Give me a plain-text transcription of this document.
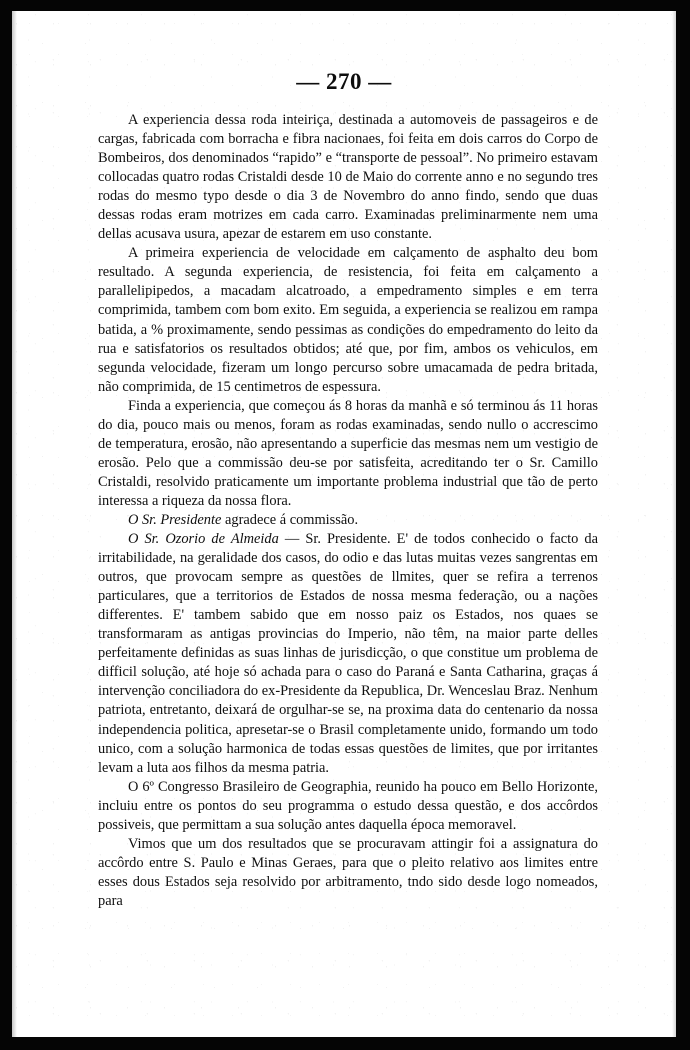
— 270 —

A experiencia dessa roda inteiriça, destinada a automoveis de passageiros e de cargas, fabricada com borracha e fibra nacionaes, foi feita em dois carros do Corpo de Bombeiros, dos denominados “rapido” e “transporte de pessoal”. No primeiro estavam collocadas quatro rodas Cristaldi desde 10 de Maio do corrente anno e no segundo tres rodas do mesmo typo desde o dia 3 de Novembro do anno findo, sendo que duas dessas rodas eram motrizes em cada carro. Examinadas preliminarmente nem uma dellas acusava usura, apezar de estarem em uso constante.

A primeira experiencia de velocidade em calçamento de asphalto deu bom resultado. A segunda experiencia, de resistencia, foi feita em calçamento a parallelipipedos, a macadam alcatroado, a empedramento simples e em terra comprimida, tambem com bom exito. Em seguida, a experiencia se realizou em rampa batida, a % proximamente, sendo pessimas as condições do empedramento do leito da rua e satisfatorios os resultados obtidos; até que, por fim, ambos os vehiculos, em segunda velocidade, fizeram um longo percurso sobre umacamada de pedra britada, não comprimida, de 15 centimetros de espessura.

Finda a experiencia, que começou ás 8 horas da manhã e só terminou ás 11 horas do dia, pouco mais ou menos, foram as rodas examinadas, sendo nullo o accrescimo de temperatura, erosão, não apresentando a superficie das mesmas nem um vestigio de erosão. Pelo que a commissão deu-se por satisfeita, acreditando ter o Sr. Camillo Cristaldi, resolvido praticamente um importante problema industrial que tão de perto interessa a riqueza da nossa flora.

O Sr. Presidente agradece á commissão.

O Sr. Ozorio de Almeida — Sr. Presidente. E' de todos conhecido o facto da irritabilidade, na geralidade dos casos, do odio e das lutas muitas vezes sangrentas em outros, que provocam sempre as questões de llmites, quer se refira a terrenos particulares, que a territorios de Estados de nossa mesma federação, ou a nações differentes. E' tambem sabido que em nosso paiz os Estados, nos quaes se transformaram as antigas provincias do Imperio, não têm, na maior parte delles perfeitamente definidas as suas linhas de jurisdicção, o que constitue um problema de difficil solução, até hoje só achada para o caso do Paraná e Santa Catharina, graças á intervenção conciliadora do ex-Presidente da Republica, Dr. Wenceslau Braz. Nenhum patriota, entretanto, deixará de orgulhar-se se, na proxima data do centenario da nossa independencia politica, apresetar-se o Brasil completamente unido, formando um todo unico, com a solução harmonica de todas essas questões de limites, que por irritantes levam a luta aos filhos da mesma patria.

O 6º Congresso Brasileiro de Geographia, reunido ha pouco em Bello Horizonte, incluiu entre os pontos do seu programma o estudo dessa questão, e dos accôrdos possiveis, que permittam a sua solução antes daquella época memoravel.

Vimos que um dos resultados que se procuravam attingir foi a assignatura do accôrdo entre S. Paulo e Minas Geraes, para que o pleito relativo aos limites entre esses dous Estados seja resolvido por arbitramento, tndo sido desde logo nomeados, para
